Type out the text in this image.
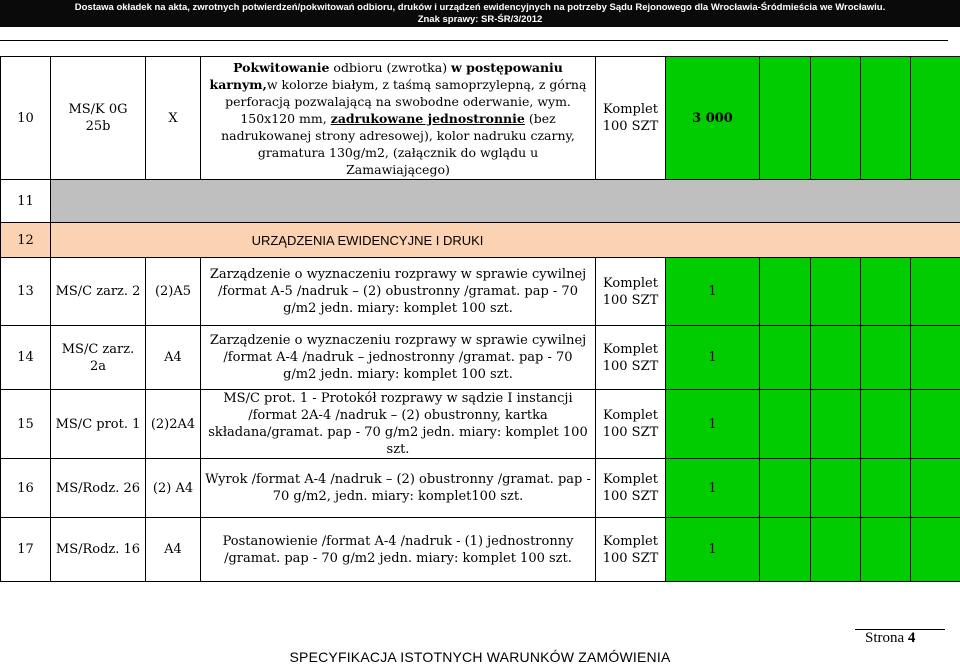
Dostawa okładek na akta, zwrotnych potwierdzeń/pokwitowań odbioru, druków i urządzeń ewidencyjnych na potrzeby Sądu Rejonowego dla Wrocławia-Śródmieścia we Wrocławiu.
Znak sprawy: SR-ŚR/3/2012
10	MS/K 0G 25b	X	Pokwitowanie odbioru (zwrotka) w postępowaniu karnym,w kolorze białym, z taśmą samoprzylepną, z górną perforacją pozwalającą na swobodne oderwanie, wym. 150x120 mm, zadrukowane jednostronnie (bez nadrukowanej strony adresowej), kolor nadruku czarny, gramatura 130g/m2, (załącznik do wglądu u Zamawiającego)	Komplet
100 SZT	3 000				
11									
12	URZĄDZENIA EWIDENCYJNE I DRUKI								
13	MS/C zarz. 2	(2)A5	Zarządzenie o wyznaczeniu rozprawy w sprawie cywilnej /format A-5 /nadruk – (2) obustronny /gramat. pap - 70 g/m2 jedn. miary: komplet 100 szt.	Komplet
100 SZT	1				
14	MS/C zarz. 2a	A4	Zarządzenie o wyznaczeniu rozprawy w sprawie cywilnej /format A-4 /nadruk – jednostronny /gramat. pap - 70 g/m2 jedn. miary: komplet 100 szt.	Komplet
100 SZT	1				
15	MS/C prot. 1	(2)2A4	MS/C prot. 1 - Protokół rozprawy w sądzie I instancji /format 2A-4 /nadruk – (2) obustronny, kartka składana/gramat. pap - 70 g/m2 jedn. miary: komplet 100 szt.	Komplet
100 SZT	1				
16	MS/Rodz. 26	(2) A4	Wyrok /format A-4 /nadruk – (2) obustronny /gramat. pap - 70 g/m2, jedn. miary: komplet100 szt.	Komplet
100 SZT	1				
17	MS/Rodz. 16	A4	Postanowienie /format A-4 /nadruk - (1) jednostronny /gramat. pap - 70 g/m2 jedn. miary: komplet 100 szt.	Komplet
100 SZT	1				
Strona 4
SPECYFIKACJA ISTOTNYCH WARUNKÓW ZAMÓWIENIA
